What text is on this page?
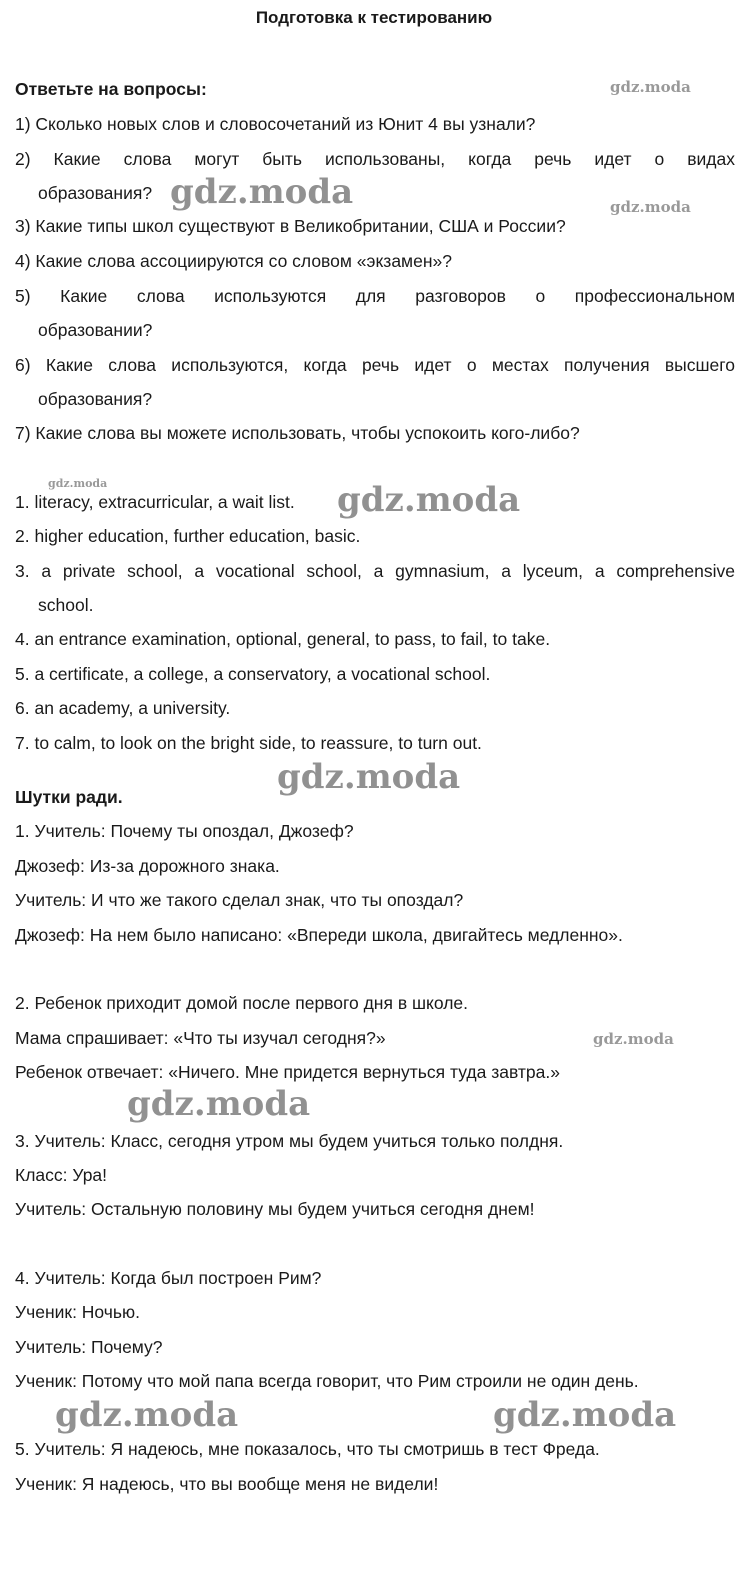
Подготовка к тестированию
Ответьте на вопросы:
1) Сколько новых слов и словосочетаний из Юнит 4 вы узнали?
2) Какие слова могут быть использованы, когда речь идет о видах
образования?
3) Какие типы школ существуют в Великобритании, США и России?
4) Какие слова ассоциируются со словом «экзамен»?
5) Какие слова используются для разговоров о профессиональном
образовании?
6) Какие слова используются, когда речь идет о местах получения высшего
образования?
7) Какие слова вы можете использовать, чтобы успокоить кого-либо?
1. literacy, extracurricular, a wait list.
2. higher education, further education, basic.
3. a private school, a vocational school, a gymnasium, a lyceum, a comprehensive
school.
4. an entrance examination, optional, general, to pass, to fail, to take.
5. a certificate, a college, a conservatory, a vocational school.
6. an academy, a university.
7. to calm, to look on the bright side, to reassure, to turn out.
Шутки ради.
1. Учитель: Почему ты опоздал, Джозеф?
Джозеф: Из-за дорожного знака.
Учитель: И что же такого сделал знак, что ты опоздал?
Джозеф: На нем было написано: «Впереди школа, двигайтесь медленно».
2. Ребенок приходит домой после первого дня в школе.
Мама спрашивает: «Что ты изучал сегодня?»
Ребенок отвечает: «Ничего. Мне придется вернуться туда завтра.»
3. Учитель: Класс, сегодня утром мы будем учиться только полдня.
Класс: Ура!
Учитель: Остальную половину мы будем учиться сегодня днем!
4. Учитель: Когда был построен Рим?
Ученик: Ночью.
Учитель: Почему?
Ученик: Потому что мой папа всегда говорит, что Рим строили не один день.
5. Учитель: Я надеюсь, мне показалось, что ты смотришь в тест Фреда.
Ученик: Я надеюсь, что вы вообще меня не видели!
gdz.moda
gdz.moda	gdz.moda
gdz.moda	gdz.moda
gdz.moda
gdz.moda
gdz.moda
gdz.moda	gdz.moda
